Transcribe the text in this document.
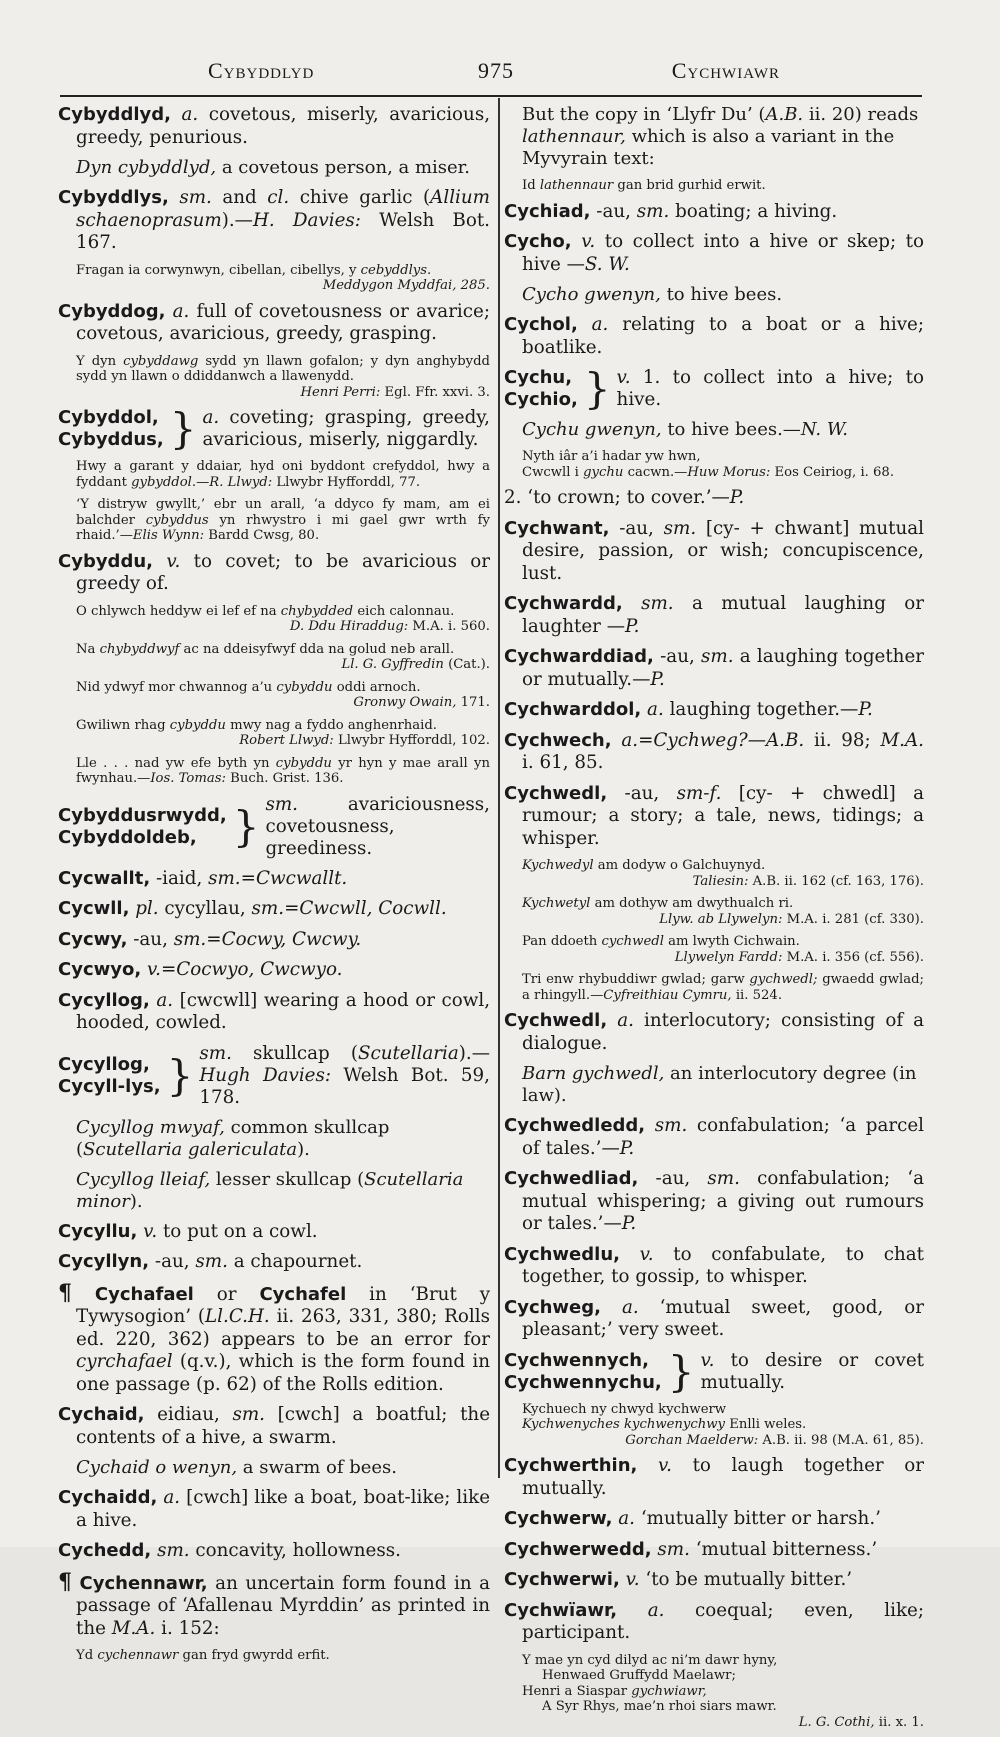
Cybyddlyd	975	Cychwiawr

Cybyddlyd, a. covetous, miserly, avaricious, greedy, penurious.

Dyn cybyddlyd, a covetous person, a miser.

Cybyddlys, sm. and cl. chive garlic (Allium schaenoprasum).—H. Davies: Welsh Bot. 167.

Fragan ia corwynwyn, cibellan, cibellys, y cebyddlys.
Meddygon Myddfai, 285.

Cybyddog, a. full of covetousness or avarice; covetous, avaricious, greedy, grasping.

Y dyn cybyddawg sydd yn llawn gofalon; y dyn anghybydd sydd yn llawn o ddiddanwch a llawenydd.
Henri Perri: Egl. Ffr. xxvi. 3.

Cybyddol,
Cybyddus, } a. coveting; grasping, greedy, avaricious, miserly, niggardly.

Hwy a garant y ddaiar, hyd oni byddont crefyddol, hwy a fyddant gybyddol.—R. Llwyd: Llwybr Hyfforddl, 77.

‘Y distryw gwyllt,’ ebr un arall, ‘a ddyco fy mam, am ei balchder cybyddus yn rhwystro i mi gael gwr wrth fy rhaid.’—Elis Wynn: Bardd Cwsg, 80.

Cybyddu, v. to covet; to be avaricious or greedy of.

O chlywch heddyw ei lef ef na chybydded eich calonnau.
D. Ddu Hiraddug: M.A. i. 560.

Na chybyddwyf ac na ddeisyfwyf dda na golud neb arall.
Ll. G. Gyffredin (Cat.).

Nid ydwyf mor chwannog a’u cybyddu oddi arnoch.
Gronwy Owain, 171.

Gwiliwn rhag cybyddu mwy nag a fyddo anghenrhaid.
Robert Llwyd: Llwybr Hyfforddl, 102.

Lle . . . nad yw efe byth yn cybyddu yr hyn y mae arall yn fwynhau.—Ios. Tomas: Buch. Grist. 136.

Cybyddusrwydd,
Cybyddoldeb, } sm.	avariciousness, covetousness, greediness.

Cycwallt, -iaid, sm.=Cwcwallt.

Cycwll, pl. cycyllau, sm.=Cwcwll, Cocwll.

Cycwy, -au, sm.=Cocwy, Cwcwy.

Cycwyo, v.=Cocwyo, Cwcwyo.

Cycyllog, a. [cwcwll] wearing a hood or cowl, hooded, cowled.

Cycyllog,
Cycyll-lys, } sm. skullcap (Scutellaria).—Hugh Davies: Welsh Bot. 59, 178.

Cycyllog mwyaf, common skullcap (Scutellaria galericulata).

Cycyllog lleiaf, lesser skullcap (Scutellaria minor).

Cycyllu, v. to put on a cowl.

Cycyllyn, -au, sm. a chapournet.

¶ Cychafael or Cychafel in ‘Brut y Tywysogion’ (Ll.C.H. ii. 263, 331, 380; Rolls ed. 220, 362) appears to be an error for cyrchafael (q.v.), which is the form found in one passage (p. 62) of the Rolls edition.

Cychaid, eidiau, sm. [cwch] a boatful; the contents of a hive, a swarm.

Cychaid o wenyn, a swarm of bees.

Cychaidd, a. [cwch] like a boat, boat-like; like a hive.

Cychedd, sm. concavity, hollowness.

¶ Cychennawr, an uncertain form found in a passage of ‘Afallenau Myrddin’ as printed in the M.A. i. 152:

Yd cychennawr gan fryd gwyrdd erfit.

But the copy in ‘Llyfr Du’ (A.B. ii. 20) reads lathennaur, which is also a variant in the Myvyrain text:

Id lathennaur gan brid gurhid erwit.

Cychiad, -au, sm. boating; a hiving.

Cycho, v. to collect into a hive or skep; to hive —S. W.

Cycho gwenyn, to hive bees.

Cychol, a. relating to a boat or a hive; boatlike.

Cychu,
Cychio, } v. 1. to collect into a hive; to hive.

Cychu gwenyn, to hive bees.—N. W.

Nyth iâr a’i hadar yw hwn,
Cwcwll i gychu cacwn.—Huw Morus: Eos Ceiriog, i. 68.

2. ‘to crown; to cover.’—P.

Cychwant, -au, sm. [cy- + chwant] mutual desire, passion, or wish; concupiscence, lust.

Cychwardd, sm. a mutual laughing or laughter —P.

Cychwarddiad, -au, sm. a laughing together or mutually.—P.

Cychwarddol, a. laughing together.—P.

Cychwech, a.=Cychweg?—A.B. ii. 98; M.A. i. 61, 85.

Cychwedl, -au, sm-f. [cy- + chwedl] a rumour; a story; a tale, news, tidings; a whisper.

Kychwedyl am dodyw o Galchuynyd.
Taliesin: A.B. ii. 162 (cf. 163, 176).

Kychwetyl am dothyw am dwythualch ri.
Llyw. ab Llywelyn: M.A. i. 281 (cf. 330).

Pan ddoeth cychwedl am lwyth Cichwain.
Llywelyn Fardd: M.A. i. 356 (cf. 556).

Tri enw rhybuddiwr gwlad; garw gychwedl; gwaedd gwlad; a rhingyll.—Cyfreithiau Cymru, ii. 524.

Cychwedl, a. interlocutory; consisting of a dialogue.

Barn gychwedl, an interlocutory degree (in law).

Cychwedledd, sm. confabulation; ‘a parcel of tales.’—P.

Cychwedliad, -au, sm. confabulation; ‘a mutual whispering; a giving out rumours or tales.’—P.

Cychwedlu, v. to confabulate, to chat together, to gossip, to whisper.

Cychweg, a. ‘mutual sweet, good, or pleasant;’ very sweet.

Cychwennych,
Cychwennychu, } v. to desire or covet mutually.

Kychuech ny chwyd kychwerw
Kychwenyches kychwenychwy Enlli weles.
Gorchan Maelderw: A.B. ii. 98 (M.A. 61, 85).

Cychwerthin, v. to laugh together or mutually.

Cychwerw, a. ‘mutually bitter or harsh.’

Cychwerwedd, sm. ‘mutual bitterness.’

Cychwerwi, v. ‘to be mutually bitter.’

Cychwïawr, a. coequal; even, like; participant.

Y mae yn cyd dilyd ac ni’m dawr hyny,
Henwaed Gruffydd Maelawr;
Henri a Siaspar gychwiawr,
A Syr Rhys, mae’n rhoi siars mawr.
L. G. Cothi, ii. x. 1.
